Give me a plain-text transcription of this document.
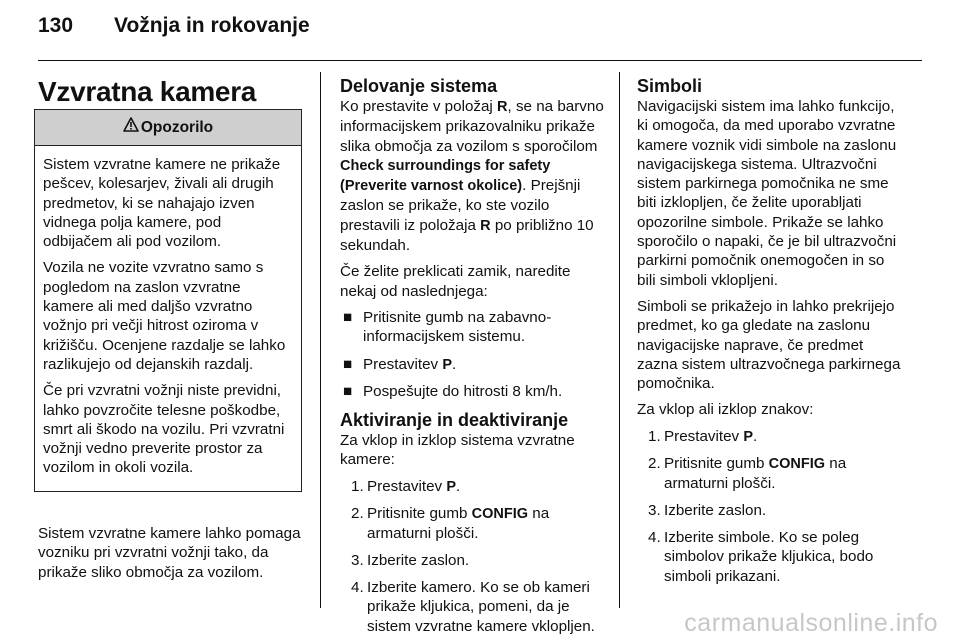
130 Vožnja in rokovanje
Vzvratna kamera
Opozorilo

Sistem vzvratne kamere ne prikaže pešcev, kolesarjev, živali ali drugih predmetov, ki se nahajajo izven vidnega polja kamere, pod odbijačem ali pod vozilom.

Vozila ne vozite vzvratno samo s pogledom na zaslon vzvratne kamere ali med daljšo vzvratno vožnjo pri večji hitrost oziroma v križišču. Ocenjene razdalje se lahko razlikujejo od dejanskih razdalj.

Če pri vzvratni vožnji niste previdni, lahko povzročite telesne poškodbe, smrt ali škodo na vozilu. Pri vzvratni vožnji vedno preverite prostor za vozilom in okoli vozila.

Sistem vzvratne kamere lahko pomaga vozniku pri vzvratni vožnji tako, da prikaže sliko območja za vozilom.
Delovanje sistema

Ko prestavite v položaj R, se na barvno informacijskem prikazovalniku prikaže slika območja za vozilom s sporočilom Check surroundings for safety (Preverite varnost okolice). Prejšnji zaslon se prikaže, ko ste vozilo prestavili iz položaja R po približno 10 sekundah.

Če želite preklicati zamik, naredite nekaj od naslednjega:

■ Pritisnite gumb na zabavno-informacijskem sistemu.
■ Prestavitev P.
■ Pospešujte do hitrosti 8 km/h.
Aktiviranje in deaktiviranje

Za vklop in izklop sistema vzvratne kamere:

1. Prestavitev P.
2. Pritisnite gumb CONFIG na armaturni plošči.
3. Izberite zaslon.
4. Izberite kamero. Ko se ob kameri prikaže kljukica, pomeni, da je sistem vzvratne kamere vklopljen.
Simboli

Navigacijski sistem ima lahko funkcijo, ki omogoča, da med uporabo vzvratne kamere voznik vidi simbole na zaslonu navigacijskega sistema. Ultrazvočni sistem parkirnega pomočnika ne sme biti izklopljen, če želite uporabljati opozorilne simbole. Prikaže se lahko sporočilo o napaki, če je bil ultrazvočni parkirni pomočnik onemogočen in so bili simboli vklopljeni.

Simboli se prikažejo in lahko prekrijejo predmet, ko ga gledate na zaslonu navigacijske naprave, če predmet zazna sistem ultrazvočnega parkirnega pomočnika.

Za vklop ali izklop znakov:

1. Prestavitev P.
2. Pritisnite gumb CONFIG na armaturni plošči.
3. Izberite zaslon.
4. Izberite simbole. Ko se poleg simbolov prikaže kljukica, bodo simboli prikazani.
carmanualsonline.info
